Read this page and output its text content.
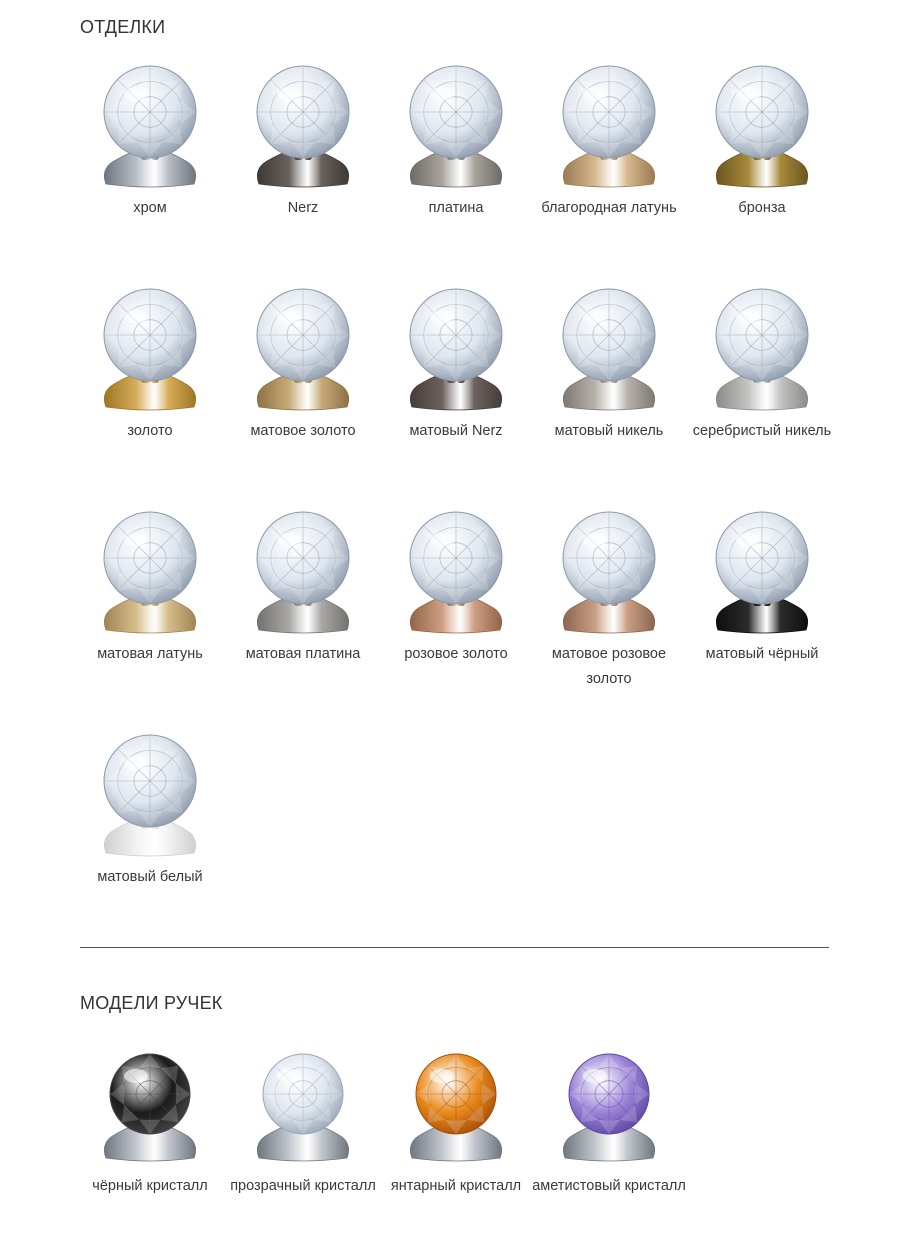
ОТДЕЛКИ
хром	Nerz	платина	благородная латунь	бронза
золото	матовое золото	матовый Nerz	матовый никель	серебристый никель
матовая латунь	матовая платина	розовое золото	матовое розовое золото
матовый чёрный
матовый белый
МОДЕЛИ РУЧЕК
чёрный кристалл	прозрачный кристалл	янтарный кристалл аметистовый кристалл
